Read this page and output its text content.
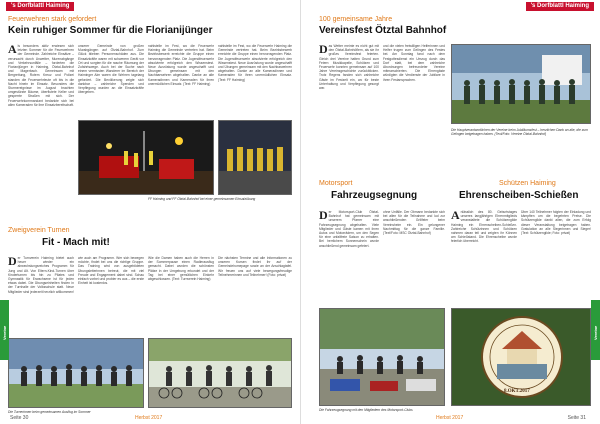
's Dorfblattl Haiming
Feuerwehren stark gefordert
Kein ruhiger Sommer für die Florianijünger
A ls besonders aktiv erwiesen sich letzten Sommer für die Feuerwehren der Gemeinde. Zahlreiche Einsätze – verursacht durch Unwetter, Murenabgänge und Verkehrsunfälle – forderten die Florianijünger in Haiming, Ötztal-Bahnhof und Magerbach. Gemeinsam mit Bergrettung, Rotem Kreuz und Polizei standen die Feuerwehrleute oft bis in die Nacht hinein im Einsatz. Besonders die Sturmereignisse im August brachten umgestürzte Bäume, überflutete Keller und gesperrte Straßen mit sich. Der Feuerwehrkommandant bedankte sich bei allen Kameraden für ihre Einsatzbereitschaft.
unserer Gemeinde von großen Murabgängen auf Ötztal-Bahnhof. Zum Glück blieben Personenschäden aus. Die Einsatzkräfte waren mit schwerem Gerät vor Ort und sorgten für die rasche Räumung der Zufahrtswege. Auch bei der Suche nach einem vermissten Wanderer im Bereich der Haiminger Alm waren die Wehren tagelang gefordert. Die Bevölkerung zeigte sich dankbar – zahlreiche Spenden und Verpflegung wurden an die Einsatzkräfte übergeben.
nahlstelle im Fest, wo die Feuerwehr Haiming die Gemeinde vertreten hat. Beim Bezirksbewerb erreichte die Gruppe einen hervorragenden Platz. Die Jugendfeuerwehr absolvierte erfolgreich den Wissenstest. Neue Ausrüstung wurde angeschafft und Übungen gemeinsam mit den Nachbarwehren abgehalten. Danke an alle Kameradinnen und Kameraden für ihren unermüdlichen Einsatz. (Text: FF Haiming)
nahlstelle im Fest, wo die Feuerwehr Haiming die Gemeinde vertreten hat. Beim Bezirksbewerb erreichte die Gruppe einen hervorragenden Platz. Die Jugendfeuerwehr absolvierte erfolgreich den Wissenstest. Neue Ausrüstung wurde angeschafft und Übungen gemeinsam mit den Nachbarwehren abgehalten. Danke an alle Kameradinnen und Kameraden für ihren unermüdlichen Einsatz. (Text: FF Haiming)
FF Haiming und FF Ötztal-Bahnhof bei einer gemeinsamen Einsatzübung
Zweigverein Turnen
Fit - Mach mit!
D er Turnverein Haiming bietet auch heuer wieder ein abwechslungsreiches Programm für Jung und Alt. Von Eltern-Kind-Turnen über Kinderturnen bis hin zu Pilates und Gymnastik für Erwachsene ist für jeden etwas dabei. Die Übungseinheiten finden in der Turnhalle der Volksschule statt. Neue Mitglieder sind jederzeit herzlich willkommen!
wie auch am Programm. Wer sich bewegen möchte, findet bei uns die richtige Gruppe. Das Training wird von ausgebildeten Übungsleiterinnen betreut, die mit viel Freude und Engagement dabei sind. Schau einfach vorbei und probier es aus – die erste Einheit ist kostenlos.
Wie die Damen haben auch die Herren in der Sommerpause einen Radlerausflug gemacht. Dabei wurden die schönsten Plätze in der Umgebung erkundet und der Tag bei einer gemütlichen Einkehr abgeschlossen. (Text: Turnverein Haiming)
Die nächsten Termine und alle Informationen zu unseren Kursen findet ihr auf der Gemeindehomepage sowie an der Anschlagtafel. Wir freuen uns auf viele bewegungsfreudige Teilnehmerinnen und Teilnehmer! (Foto: privat)
Die Turnerinnen beim gemeinsamen Ausflug im Sommer
Vereine
Seite 30	Herbst 2017
's Dorfblattl Haiming
100 gemeinsame Jahre
Vereinsfest Ötztal Bahnhof
D as Wetter meinte es nicht gut mit den Ötztal-Bahnhöflern, als sie ihr großes Vereinsfest feierten. Gleich drei Vereine hatten Grund zum Feiern: Musikkapelle, Schützen und Feuerwehr konnten gemeinsam auf 100 Jahre Vereinsgeschichte zurückblicken. Trotz Regens fanden sich zahlreiche Gäste im Festzelt ein, wo für beste Unterhaltung und Verpflegung gesorgt war.
und die vielen freiwilligen Helferinnen und Helfer trugen zum Gelingen des Festes bei. Am Sonntag fand nach dem Festgottesdienst ein Umzug durch das Dorf statt, bei dem zahlreiche Abordnungen befreundeter Vereine mitmarschierten. Die Ehrengäste würdigten die Verdienste der Jubilare in ihren Festansprachen.
Die Hauptverantwortlichen der Vereine beim Jubiläumsfest – herzlichen Dank an alle, die zum Gelingen beigetragen haben. (Text/Foto: Vereine Ötztal-Bahnhof)
Motorsport
Fahrzeugsegnung
D er Motorsport-Club Ötztal-Bahnhof hat gemeinsam mit unserem Pfarrer eine Fahrzeugsegnung abgehalten. Viele Mitglieder und Gäste kamen mit ihren Autos und Motorrädern, um den Segen für eine unfallfreie Saison zu erhalten. Bei herrlichem Sonnenschein wurde anschließend gemeinsam gefeiert.
ohne Unfälle. Der Obmann bedankte sich bei allen für die Teilnahme und lud zur anschließenden Grillfeier beim Vereinsheim ein. Ein gelungener Nachmittag für die ganze Familie. (Text/Foto: MSC Ötztal-Bahnhof)
Die Fahrzeugsegnung mit den Mitgliedern des Motorsport-Clubs
Schützen Haiming
Ehrenscheiben-Schießen
A nlässlich des 80. Geburtstages unseres langjährigen Ehrenmitglieds veranstaltete die Schützengilde Haiming ein Ehrenscheiben-Schießen. Zahlreiche Schützinnen und Schützen nahmen daran teil und zeigten ihr Können am Schießstand. Die Ehrenscheibe wurde feierlich überreicht.
Über 140 Teilnehmer folgten der Einladung und kämpften um die begehrten Preise. Die Schützengilde dankt allen, die zum Erfolg dieser Veranstaltung beigetragen haben. Gratulation an alle Siegerinnen und Sieger! (Text: Schützengilde; Foto: privat)
8.OKT.2017
Vereine
Herbst 2017	Seite 31
